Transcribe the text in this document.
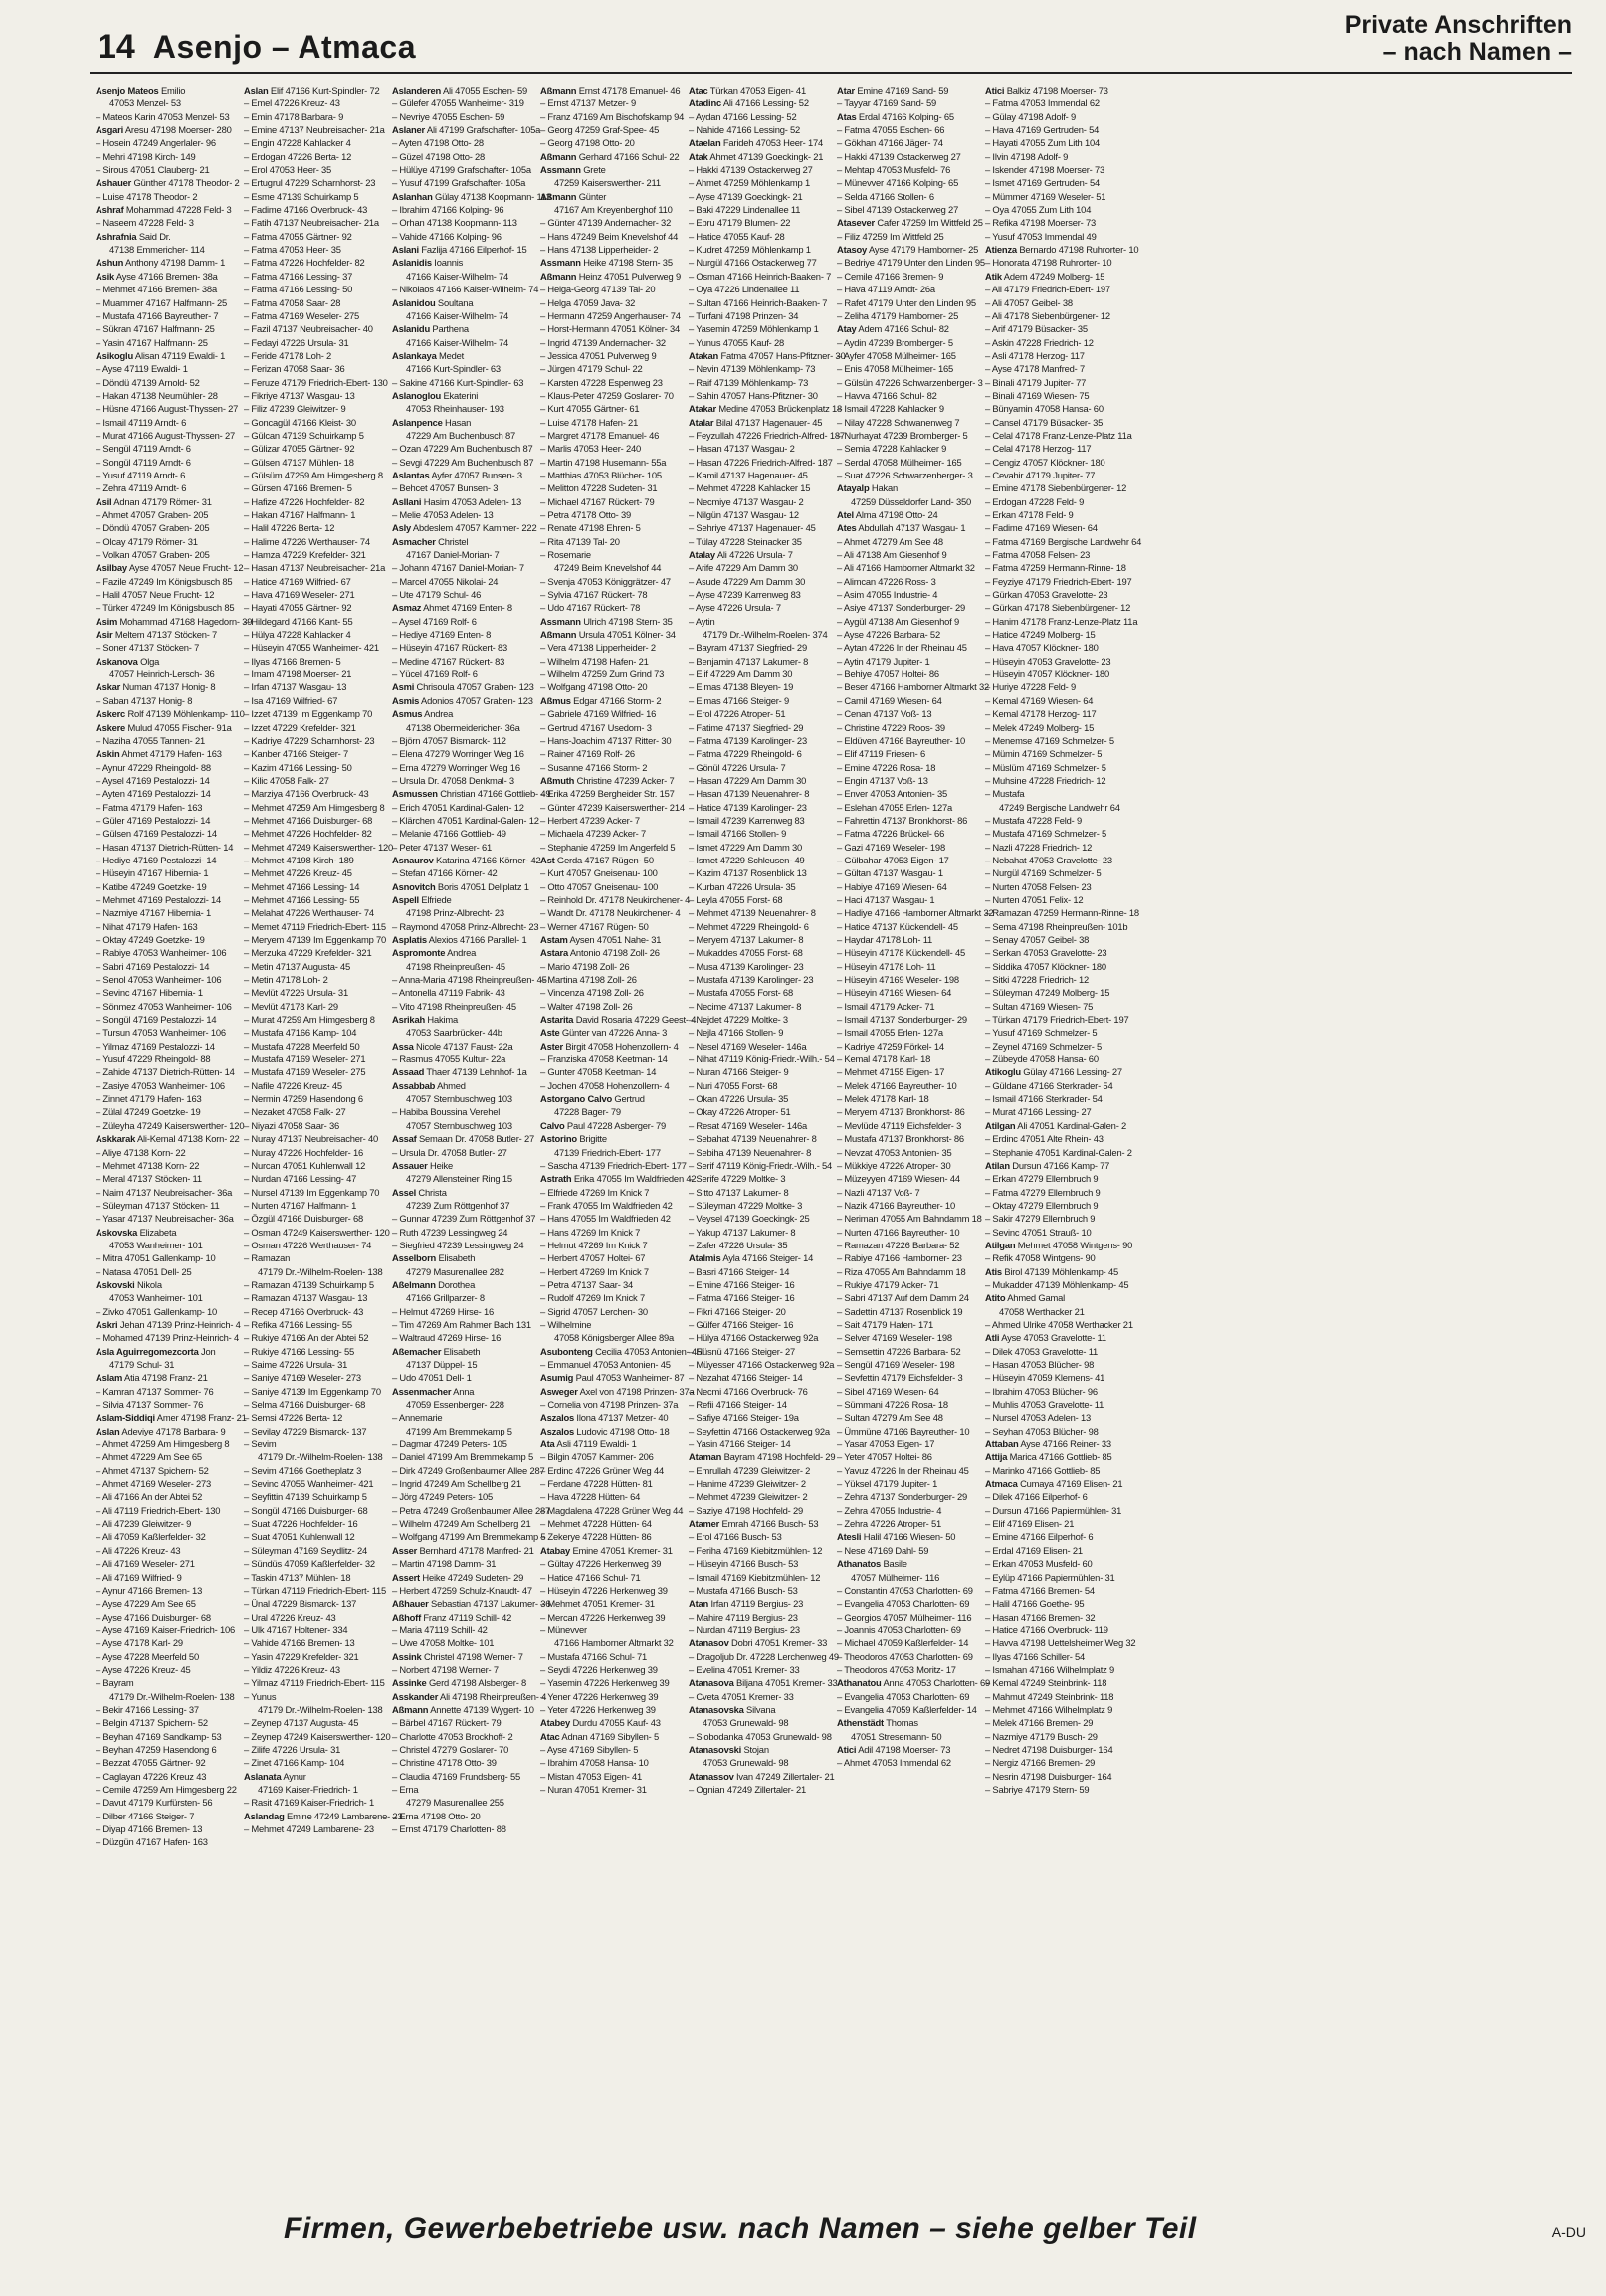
14 Asenjo – Atmaca
Private Anschriften
– nach Namen –
Asenjo Mateos Emilio
47053 Menzel- 53
– Mateos Karin 47053 Menzel- 53
Asgari Aresu 47198 Moerser- 280
– Hosein 47249 Angerlaler- 96
– Mehri 47198 Kirch- 149
– Sirous 47051 Clauberg- 21
Ashauer Günther 47178 Theodor- 2
– Luise 47178 Theodor- 2
Ashraf Mohammad 47228 Feld- 3
– Naseem 47228 Feld- 3
Ashrafnia Said Dr.
47138 Emmericher- 114
Ashun Anthony 47198 Damm- 1
Asik Ayse 47166 Bremen- 38a
– Mehmet 47166 Bremen- 38a
– Muammer 47167 Halfmann- 25
– Mustafa 47166 Bayreuther- 7
– Sükran 47167 Halfmann- 25
– Yasin 47167 Halfmann- 25
Asikoglu Alisan 47119 Ewaldi- 1
– Ayse 47119 Ewaldi- 1
– Döndü 47139 Arnold- 52
– Hakan 47138 Neumühler- 28
– Hüsne 47166 August-Thyssen- 27
– Ismail 47119 Arndt- 6
– Murat 47166 August-Thyssen- 27
– Sengül 47119 Arndt- 6
– Songül 47119 Arndt- 6
– Yusuf 47119 Arndt- 6
– Zehra 47119 Arndt- 6
Asil Adnan 47179 Römer- 31
– Ahmet 47057 Graben- 205
– Döndü 47057 Graben- 205
– Olcay 47179 Römer- 31
– Volkan 47057 Graben- 205
Asilbay Ayse 47057 Neue Frucht- 12
– Fazile 47249 Im Königsbusch 85
– Halil 47057 Neue Frucht- 12
– Türker 47249 Im Königsbusch 85
Asim Mohammad 47168 Hagedorn- 39
Asir Meltem 47137 Stöcken- 7
– Soner 47137 Stöcken- 7
Askanova Olga
47057 Heinrich-Lersch- 36
Askar Numan 47137 Honig- 8
– Saban 47137 Honig- 8
Askerc Rolf 47139 Möhlenkamp- 110
Askere Mulud 47055 Fischer- 91a
– Naziha 47055 Tannen- 21
Askin Ahmet 47179 Hafen- 163
– Aynur 47229 Rheingold- 88
– Aysel 47169 Pestalozzi- 14
– Ayten 47169 Pestalozzi- 14
– Fatma 47179 Hafen- 163
– Güler 47169 Pestalozzi- 14
– Gülsen 47169 Pestalozzi- 14
– Hasan 47137 Dietrich-Rütten- 14
– Hediye 47169 Pestalozzi- 14
– Hüseyin 47167 Hibernia- 1
– Katibe 47249 Goetzke- 19
– Mehmet 47169 Pestalozzi- 14
– Nazmiye 47167 Hibernia- 1
– Nihat 47179 Hafen- 163
– Oktay 47249 Goetzke- 19
– Rabiye 47053 Wanheimer- 106
– Sabri 47169 Pestalozzi- 14
– Senol 47053 Wanheimer- 106
– Sevinc 47167 Hibernia- 1
– Sönmez 47053 Wanheimer- 106
– Songül 47169 Pestalozzi- 14
– Tursun 47053 Wanheimer- 106
– Yilmaz 47169 Pestalozzi- 14
– Yusuf 47229 Rheingold- 88
– Zahide 47137 Dietrich-Rütten- 14
– Zasiye 47053 Wanheimer- 106
– Zinnet 47179 Hafen- 163
– Zülal 47249 Goetzke- 19
– Züleyha 47249 Kaiserswerther- 120
Askkarak Ali-Kemal 47138 Korn- 22
– Aliye 47138 Korn- 22
– Mehmet 47138 Korn- 22
– Meral 47137 Stöcken- 11
– Naim 47137 Neubreisacher- 36a
– Süleyman 47137 Stöcken- 11
– Yasar 47137 Neubreisacher- 36a
Askovska Elizabeta
47053 Wanheimer- 101
– Mitra 47051 Gallenkamp- 10
– Natasa 47051 Dell- 25
Askovski Nikola
47053 Wanheimer- 101
– Zivko 47051 Gallenkamp- 10
Askri Jehan 47139 Prinz-Heinrich- 4
– Mohamed 47139 Prinz-Heinrich- 4
Asla Aguirregomezcorta Jon
47179 Schul- 31
Aslam Atia 47198 Franz- 21
– Kamran 47137 Sommer- 76
– Silvia 47137 Sommer- 76
Aslam-Siddiqi Amer 47198 Franz- 21
Aslan Adeviye 47178 Barbara- 9
– Ahmet 47259 Am Himgesberg 8
– Ahmet 47229 Am See 65
– Ahmet 47137 Spichern- 52
– Ahmet 47169 Weseler- 273
– Ali 47166 An der Abtei 52
– Ali 47119 Friedrich-Ebert- 130
– Ali 47239 Gleiwitzer- 9
– Ali 47059 Kaßlerfelder- 32
– Ali 47226 Kreuz- 43
– Ali 47169 Weseler- 271
– Ali 47169 Wilfried- 9
– Aynur 47166 Bremen- 13
– Ayse 47229 Am See 65
– Ayse 47166 Duisburger- 68
– Ayse 47169 Kaiser-Friedrich- 106
– Ayse 47178 Karl- 29
– Ayse 47228 Meerfeld 50
– Ayse 47226 Kreuz- 45
– Bayram
47179 Dr.-Wilhelm-Roelen- 138
– Bekir 47166 Lessing- 37
– Belgin 47137 Spichern- 52
– Beyhan 47169 Sandkamp- 53
– Beyhan 47259 Hasendong 6
– Bezzat 47055 Gärtner- 92
– Caglayan 47226 Kreuz 43
– Cemile 47259 Am Himgesberg 22
– Davut 47179 Kurfürsten- 56
– Dilber 47166 Steiger- 7
– Diyap 47166 Bremen- 13
– Düzgün 47167 Hafen- 163
Aslan Elif 47166 Kurt-Spindler- 72
– Emel 47226 Kreuz- 43
– Emin 47178 Barbara- 9
– Emine 47137 Neubreisacher- 21a
– Engin 47228 Kahlacker 4
– Erdogan 47226 Berta- 12
– Erol 47053 Heer- 35
– Ertugrul 47229 Scharnhorst- 23
– Esme 47139 Schuirkamp 5
– Fadime 47166 Overbruck- 43
– Fatih 47137 Neubreisacher- 21a
– Fatma 47055 Gärtner- 92
– Fatma 47053 Heer- 35
– Fatma 47226 Hochfelder- 82
– Fatma 47166 Lessing- 37
– Fatma 47166 Lessing- 50
– Fatma 47058 Saar- 28
– Fatma 47169 Weseler- 275
– Fazil 47137 Neubreisacher- 40
– Fedayi 47226 Ursula- 31
– Feride 47178 Loh- 2
– Ferizan 47058 Saar- 36
– Feruze 47179 Friedrich-Ebert- 130
– Fikriye 47137 Wasgau- 13
– Filiz 47239 Gleiwitzer- 9
– Goncagül 47166 Kleist- 30
– Gülcan 47139 Schuirkamp 5
– Gülizar 47055 Gärtner- 92
– Gülsen 47137 Mühlen- 18
– Gülsüm 47259 Am Himgesberg 8
– Gürsen 47166 Bremen- 5
– Hafize 47226 Hochfelder- 82
– Hakan 47167 Halfmann- 1
– Halil 47226 Berta- 12
– Halime 47226 Werthauser- 74
– Hamza 47229 Krefelder- 321
– Hasan 47137 Neubreisacher- 21a
– Hatice 47169 Wilfried- 67
– Hava 47169 Weseler- 271
– Hayati 47055 Gärtner- 92
– Hildegard 47166 Kant- 55
– Hülya 47228 Kahlacker 4
– Hüseyin 47055 Wanheimer- 421
– Ilyas 47166 Bremen- 5
– Imam 47198 Moerser- 21
– Irfan 47137 Wasgau- 13
– Isa 47169 Wilfried- 67
– Izzet 47139 Im Eggenkamp 70
– Izzet 47229 Krefelder- 321
– Kadriye 47229 Scharnhorst- 23
– Kanber 47166 Steiger- 7
– Kazim 47166 Lessing- 50
– Kilic 47058 Falk- 27
– Marziya 47166 Overbruck- 43
– Mehmet 47259 Am Himgesberg 8
– Mehmet 47166 Duisburger- 68
– Mehmet 47226 Hochfelder- 82
– Mehmet 47249 Kaiserswerther- 120
– Mehmet 47198 Kirch- 189
– Mehmet 47226 Kreuz- 45
– Mehmet 47166 Lessing- 14
– Mehmet 47166 Lessing- 55
– Melahat 47226 Werthauser- 74
– Memet 47119 Friedrich-Ebert- 115
– Meryem 47139 Im Eggenkamp 70
– Merzuka 47229 Krefelder- 321
– Metin 47137 Augusta- 45
– Metin 47178 Loh- 2
– Mevlüt 47226 Ursula- 31
– Mevlüt 47178 Karl- 29
– Murat 47259 Am Himgesberg 8
– Mustafa 47166 Kamp- 104
– Mustafa 47228 Meerfeld 50
– Mustafa 47169 Weseler- 271
– Mustafa 47169 Weseler- 275
– Nafile 47226 Kreuz- 45
– Nermin 47259 Hasendong 6
– Nezaket 47058 Falk- 27
– Niyazi 47058 Saar- 36
– Nuray 47137 Neubreisacher- 40
– Nuray 47226 Hochfelder- 16
– Nurcan 47051 Kuhlenwall 12
– Nurdan 47166 Lessing- 47
– Nursel 47139 Im Eggenkamp 70
– Nurten 47167 Halfmann- 1
– Özgül 47166 Duisburger- 68
– Osman 47249 Kaiserswerther- 120
– Osman 47226 Werthauser- 74
– Ramazan
47179 Dr.-Wilhelm-Roelen- 138
– Ramazan 47139 Schuirkamp 5
– Ramazan 47137 Wasgau- 13
– Recep 47166 Overbruck- 43
– Refika 47166 Lessing- 55
– Rukiye 47166 An der Abtei 52
– Rukiye 47166 Lessing- 55
– Saime 47226 Ursula- 31
– Saniye 47169 Weseler- 273
– Saniye 47139 Im Eggenkamp 70
– Selma 47166 Duisburger- 68
– Semsi 47226 Berta- 12
– Sevilay 47229 Bismarck- 137
– Sevim
47179 Dr.-Wilhelm-Roelen- 138
– Sevim 47166 Goetheplatz 3
– Sevinc 47055 Wanheimer- 421
– Seyfittin 47139 Schuirkamp 5
– Songül 47166 Duisburger- 68
– Suat 47226 Hochfelder- 16
– Suat 47051 Kuhlenwall 12
– Süleyman 47169 Seydlitz- 24
– Sündüs 47059 Kaßlerfelder- 32
– Taskin 47137 Mühlen- 18
– Türkan 47119 Friedrich-Ebert- 115
– Ünal 47229 Bismarck- 137
– Ural 47226 Kreuz- 43
– Ülk 47167 Holtener- 334
– Vahide 47166 Bremen- 13
– Yasin 47229 Krefelder- 321
– Yildiz 47226 Kreuz- 43
– Yilmaz 47119 Friedrich-Ebert- 115
– Yunus
47179 Dr.-Wilhelm-Roelen- 138
– Zeynep 47137 Augusta- 45
– Zeynep 47249 Kaiserswerther- 120
– Zilife 47226 Ursula- 31
– Zinet 47166 Kamp- 104
Aslanata Aynur
47169 Kaiser-Friedrich- 1
– Rasit 47169 Kaiser-Friedrich- 1
Aslandag Emine 47249 Lambarene- 23
– Mehmet 47249 Lambarene- 23
Aslanderen Ali 47055 Eschen- 59
– Gülefer 47055 Wanheimer- 319
– Nevriye 47055 Eschen- 59
Aslaner Ali 47199 Grafschafter- 105a
– Ayten 47198 Otto- 28
– Güzel 47198 Otto- 28
– Hülüye 47199 Grafschafter- 105a
– Yusuf 47199 Grafschafter- 105a
Aslanhan Gülay 47138 Koopmann- 113
– Ibrahim 47166 Kolping- 96
– Orhan 47138 Koopmann- 113
– Vahide 47166 Kolping- 96
Aslani Fazlija 47166 Eilperhof- 15
Aslanidis Ioannis
47166 Kaiser-Wilhelm- 74
– Nikolaos 47166 Kaiser-Wilhelm- 74
Aslanidou Soultana
47166 Kaiser-Wilhelm- 74
Aslanidu Parthena
47166 Kaiser-Wilhelm- 74
Aslankaya Medet
47166 Kurt-Spindler- 63
– Sakine 47166 Kurt-Spindler- 63
Aslanoglou Ekaterini
47053 Rheinhauser- 193
Aslanpence Hasan
47229 Am Buchenbusch 87
– Ozan 47229 Am Buchenbusch 87
– Sevgi 47229 Am Buchenbusch 87
Aslantas Ayfer 47057 Bunsen- 3
– Behcet 47057 Bunsen- 3
Asllani Hasim 47053 Adelen- 13
– Melie 47053 Adelen- 13
Asly Abdeslem 47057 Kammer- 222
Asmacher Christel
47167 Daniel-Morian- 7
– Johann 47167 Daniel-Morian- 7
– Marcel 47055 Nikolai- 24
– Ute 47179 Schul- 46
Asmaz Ahmet 47169 Enten- 8
– Aysel 47169 Rolf- 6
– Hediye 47169 Enten- 8
– Hüseyin 47167 Rückert- 83
– Medine 47167 Rückert- 83
– Yücel 47169 Rolf- 6
Asmi Chrisoula 47057 Graben- 123
Asmis Adonios 47057 Graben- 123
Asmus Andrea
47138 Obermeidericher- 36a
– Björn 47057 Bismarck- 112
– Elena 47279 Worringer Weg 16
– Erna 47279 Worringer Weg 16
– Ursula Dr. 47058 Denkmal- 3
Asmussen Christian 47166 Gottlieb- 49
– Erich 47051 Kardinal-Galen- 12
– Klärchen 47051 Kardinal-Galen- 12
– Melanie 47166 Gottlieb- 49
– Peter 47137 Weser- 61
Asnaurov Katarina 47166 Körner- 42
– Stefan 47166 Körner- 42
Asnovitch Boris 47051 Dellplatz 1
Aspell Elfriede
47198 Prinz-Albrecht- 23
– Raymond 47058 Prinz-Albrecht- 23
Asplatis Alexios 47166 Parallel- 1
Aspromonte Andrea
47198 Rheinpreußen- 45
– Anna-Maria 47198 Rheinpreußen- 45
– Antonella 47119 Fabrik- 43
– Vito 47198 Rheinpreußen- 45
Asrikah Hakima
47053 Saarbrücker- 44b
Assa Nicole 47137 Faust- 22a
– Rasmus 47055 Kultur- 22a
Assaad Thaer 47139 Lehnhof- 1a
Assabbab Ahmed
47057 Sternbuschweg 103
– Habiba Boussina Verehel
47057 Sternbuschweg 103
Assaf Semaan Dr. 47058 Butler- 27
– Ursula Dr. 47058 Butler- 27
Assauer Heike
47279 Allensteiner Ring 15
Assel Christa
47239 Zum Röttgenhof 37
– Gunnar 47239 Zum Röttgenhof 37
– Ruth 47239 Lessingweg 24
– Siegfried 47239 Lessingweg 24
Asselborn Elisabeth
47279 Masurenallee 282
Aßelmann Dorothea
47166 Grillparzer- 8
– Helmut 47269 Hirse- 16
– Tim 47269 Am Rahmer Bach 131
– Waltraud 47269 Hirse- 16
Aßemacher Elisabeth
47137 Düppel- 15
– Udo 47051 Dell- 1
Assenmacher Anna
47059 Essenberger- 228
– Annemarie
47199 Am Bremmekamp 5
– Dagmar 47249 Peters- 105
– Daniel 47199 Am Bremmekamp 5
– Dirk 47249 Großenbaumer Allee 287
– Ingrid 47249 Am Schellberg 21
– Jörg 47249 Peters- 105
– Petra 47249 Großenbaumer Allee 287
– Wilhelm 47249 Am Schellberg 21
– Wolfgang 47199 Am Bremmekamp 5
Asser Bernhard 47178 Manfred- 21
– Martin 47198 Damm- 31
Assert Heike 47249 Sudeten- 29
– Herbert 47259 Schulz-Knaudt- 47
Aßhauer Sebastian 47137 Lakumer- 36
Aßhoff Franz 47119 Schill- 42
– Maria 47119 Schill- 42
– Uwe 47058 Moltke- 101
Assink Christel 47198 Werner- 7
– Norbert 47198 Werner- 7
Assinke Gerd 47198 Alsberger- 8
Asskander Ali 47198 Rheinpreußen- 4
Aßmann Annette 47139 Wygert- 10
– Bärbel 47167 Rückert- 79
– Charlotte 47053 Brockhoff- 2
– Christel 47279 Goslarer- 70
– Christine 47178 Otto- 39
– Claudia 47169 Frundsberg- 55
– Erna
47279 Masurenallee 255
– Erna 47198 Otto- 20
– Ernst 47179 Charlotten- 88
Aßmann Ernst 47178 Emanuel- 46
– Ernst 47137 Metzer- 9
– Franz 47169 Am Bischofskamp 94
– Georg 47259 Graf-Spee- 45
– Georg 47198 Otto- 20
Aßmann Gerhard 47166 Schul- 22
Assmann Grete
47259 Kaiserswerther- 211
Aßmann Günter
47167 Am Kreyenberghof 110
– Günter 47139 Andernacher- 32
– Hans 47249 Beim Knevelshof 44
– Hans 47138 Lipperheider- 2
Assmann Heike 47198 Stern- 35
Aßmann Heinz 47051 Pulverweg 9
– Helga-Georg 47139 Tal- 20
– Helga 47059 Java- 32
– Hermann 47259 Angerhauser- 74
– Horst-Hermann 47051 Kölner- 34
– Ingrid 47139 Andernacher- 32
– Jessica 47051 Pulverweg 9
– Jürgen 47179 Schul- 22
– Karsten 47228 Espenweg 23
– Klaus-Peter 47259 Goslarer- 70
– Kurt 47055 Gärtner- 61
– Luise 47178 Hafen- 21
– Margret 47178 Emanuel- 46
– Marlis 47053 Heer- 240
– Martin 47198 Husemann- 55a
– Matthias 47053 Blücher- 105
– Melitton 47228 Sudeten- 31
– Michael 47167 Rückert- 79
– Petra 47178 Otto- 39
– Renate 47198 Ehren- 5
– Rita 47139 Tal- 20
– Rosemarie
47249 Beim Knevelshof 44
– Svenja 47053 Königgrätzer- 47
– Sylvia 47167 Rückert- 78
– Udo 47167 Rückert- 78
Assmann Ulrich 47198 Stern- 35
Aßmann Ursula 47051 Kölner- 34
– Vera 47138 Lipperheider- 2
– Wilhelm 47198 Hafen- 21
– Wilhelm 47259 Zum Grind 73
– Wolfgang 47198 Otto- 20
Aßmus Edgar 47166 Storm- 2
– Gabriele 47169 Wilfried- 16
– Gertrud 47167 Usedom- 3
– Hans-Joachim 47137 Ritter- 30
– Rainer 47169 Rolf- 26
– Susanne 47166 Storm- 2
Aßmuth Christine 47239 Acker- 7
– Erika 47259 Bergheider Str. 157
– Günter 47239 Kaiserswerther- 214
– Herbert 47239 Acker- 7
– Michaela 47239 Acker- 7
– Stephanie 47259 Im Angerfeld 5
Ast Gerda 47167 Rügen- 50
– Kurt 47057 Gneisenau- 100
– Otto 47057 Gneisenau- 100
– Reinhold Dr. 47178 Neukirchener- 4
– Wandt Dr. 47178 Neukirchener- 4
– Werner 47167 Rügen- 50
Astam Aysen 47051 Nahe- 31
Astara Antonio 47198 Zoll- 26
– Mario 47198 Zoll- 26
– Martina 47198 Zoll- 26
– Vincenza 47198 Zoll- 26
– Walter 47198 Zoll- 26
Astarita David Rosaria 47229 Geest- 4
Aste Günter van 47226 Anna- 3
Aster Birgit 47058 Hohenzollern- 4
– Franziska 47058 Keetman- 14
– Gunter 47058 Keetman- 14
– Jochen 47058 Hohenzollern- 4
Astorgano Calvo Gertrud
47228 Bager- 79
Calvo Paul 47228 Asberger- 79
Astorino Brigitte
47139 Friedrich-Ebert- 177
– Sascha 47139 Friedrich-Ebert- 177
Astrath Erika 47055 Im Waldfrieden 42
– Elfriede 47269 Im Knick 7
– Frank 47055 Im Waldfrieden 42
– Hans 47055 Im Waldfrieden 42
– Hans 47269 Im Knick 7
– Helmut 47269 Im Knick 7
– Herbert 47057 Holtei- 67
– Herbert 47269 Im Knick 7
– Petra 47137 Saar- 34
– Rudolf 47269 Im Knick 7
– Sigrid 47057 Lerchen- 30
– Wilhelmine
47058 Königsberger Allee 89a
Asubonteng Cecilia 47053 Antonien- 45
– Emmanuel 47053 Antonien- 45
Asumig Paul 47053 Wanheimer- 87
Asweger Axel von 47198 Prinzen- 37a
– Cornelia von 47198 Prinzen- 37a
Aszalos Ilona 47137 Metzer- 40
Aszalos Ludovic 47198 Otto- 18
Ata Asli 47119 Ewaldi- 1
– Bilgin 47057 Kammer- 206
– Erdinc 47226 Grüner Weg 44
– Ferdane 47228 Hütten- 81
– Hava 47228 Hütten- 64
– Magdalena 47228 Grüner Weg 44
– Mehmet 47228 Hütten- 64
– Zekerye 47228 Hütten- 86
Atabay Emine 47051 Kremer- 31
– Gültay 47226 Herkenweg 39
– Hatice 47166 Schul- 71
– Hüseyin 47226 Herkenweg 39
– Mehmet 47051 Kremer- 31
– Mercan 47226 Herkenweg 39
– Münevver
47166 Hamborner Altmarkt 32
– Mustafa 47166 Schul- 71
– Seydi 47226 Herkenweg 39
– Yasemin 47226 Herkenweg 39
– Yener 47226 Herkenweg 39
– Yeter 47226 Herkenweg 39
Atabey Durdu 47055 Kauf- 43
Atac Adnan 47169 Sibyllen- 5
– Ayse 47169 Sibyllen- 5
– Ibrahim 47058 Hansa- 10
– Mistan 47053 Eigen- 41
– Nuran 47051 Kremer- 31
Atac Türkan 47053 Eigen- 41
Atadinc Ali 47166 Lessing- 52
– Aydan 47166 Lessing- 52
– Nahide 47166 Lessing- 52
Ataelan Farideh 47053 Heer- 174
Atak Ahmet 47139 Goeckingk- 21
– Hakki 47139 Ostackerweg 27
– Ahmet 47259 Möhlenkamp 1
– Ayse 47139 Goeckingk- 21
– Baki 47229 Lindenallee 11
– Ebru 47179 Blumen- 22
– Hatice 47055 Kauf- 28
– Kudret 47259 Möhlenkamp 1
– Nurgül 47166 Ostackerweg 77
– Osman 47166 Heinrich-Baaken- 7
– Oya 47226 Lindenallee 11
– Sultan 47166 Heinrich-Baaken- 7
– Turfani 47198 Prinzen- 34
– Yasemin 47259 Möhlenkamp 1
– Yunus 47055 Kauf- 28
Atakan Fatma 47057 Hans-Pfitzner- 30
– Nevin 47139 Möhlenkamp- 73
– Raif 47139 Möhlenkamp- 73
– Sahin 47057 Hans-Pfitzner- 30
Atakar Medine 47053 Brückenplatz 18
Atalar Bilal 47137 Hagenauer- 45
– Feyzullah 47226 Friedrich-Alfred- 187
– Hasan 47137 Wasgau- 2
– Hasan 47226 Friedrich-Alfred- 187
– Kamil 47137 Hagenauer- 45
– Mehmet 47228 Kahlacker 15
– Necmiye 47137 Wasgau- 2
– Nilgün 47137 Wasgau- 12
– Sehriye 47137 Hagenauer- 45
– Tülay 47228 Steinacker 35
Atalay Ali 47226 Ursula- 7
– Arife 47229 Am Damm 30
– Asude 47229 Am Damm 30
– Ayse 47239 Karrenweg 83
– Ayse 47226 Ursula- 7
– Aytin
47179 Dr.-Wilhelm-Roelen- 374
– Bayram 47137 Siegfried- 29
– Benjamin 47137 Lakumer- 8
– Elif 47229 Am Damm 30
– Elmas 47138 Bleyen- 19
– Elmas 47166 Steiger- 9
– Erol 47226 Atroper- 51
– Fatime 47137 Siegfried- 29
– Fatma 47139 Karolinger- 23
– Fatma 47229 Rheingold- 6
– Gönül 47226 Ursula- 7
– Hasan 47229 Am Damm 30
– Hasan 47139 Neuenahrer- 8
– Hatice 47139 Karolinger- 23
– Ismail 47239 Karrenweg 83
– Ismail 47166 Stollen- 9
– Ismet 47229 Am Damm 30
– Ismet 47229 Schleusen- 49
– Kazim 47137 Rosenblick 13
– Kurban 47226 Ursula- 35
– Leyla 47055 Forst- 68
– Mehmet 47139 Neuenahrer- 8
– Mehmet 47229 Rheingold- 6
– Meryem 47137 Lakumer- 8
– Mukaddes 47055 Forst- 68
– Musa 47139 Karolinger- 23
– Mustafa 47139 Karolinger- 23
– Mustafa 47055 Forst- 68
– Necime 47137 Lakumer- 8
– Nejdet 47229 Moltke- 3
– Nejla 47166 Stollen- 9
– Nesel 47169 Weseler- 146a
– Nihat 47119 König-Friedr.-Wilh.- 54
– Nuran 47166 Steiger- 9
– Nuri 47055 Forst- 68
– Okan 47226 Ursula- 35
– Okay 47226 Atroper- 51
– Resat 47169 Weseler- 146a
– Sebahat 47139 Neuenahrer- 8
– Sebiha 47139 Neuenahrer- 8
– Serif 47119 König-Friedr.-Wilh.- 54
– Serife 47229 Moltke- 3
– Sitto 47137 Lakumer- 8
– Süleyman 47229 Moltke- 3
– Veysel 47139 Goeckingk- 25
– Yakup 47137 Lakumer- 8
– Zafer 47226 Ursula- 35
Atalmis Ayla 47166 Steiger- 14
– Basri 47166 Steiger- 14
– Emine 47166 Steiger- 16
– Fatma 47166 Steiger- 16
– Fikri 47166 Steiger- 20
– Gülfer 47166 Steiger- 16
– Hülya 47166 Ostackerweg 92a
– Hüsnü 47166 Steiger- 27
– Müyesser 47166 Ostackerweg 92a
– Nezahat 47166 Steiger- 14
– Necmi 47166 Overbruck- 76
– Refii 47166 Steiger- 14
– Safiye 47166 Steiger- 19a
– Seyfettin 47166 Ostackerweg 92a
– Yasin 47166 Steiger- 14
Ataman Bayram 47198 Hochfeld- 29
– Emrullah 47239 Gleiwitzer- 2
– Hanime 47239 Gleiwitzer- 2
– Mehmet 47239 Gleiwitzer- 2
– Saziye 47198 Hochfeld- 29
Atamer Emrah 47166 Busch- 53
– Erol 47166 Busch- 53
– Feriha 47169 Kiebitzmühlen- 12
– Hüseyin 47166 Busch- 53
– Ismail 47169 Kiebitzmühlen- 12
– Mustafa 47166 Busch- 53
Atan Irfan 47119 Bergius- 23
– Mahire 47119 Bergius- 23
– Nurdan 47119 Bergius- 23
Atanasov Dobri 47051 Kremer- 33
– Dragoljub Dr. 47228 Lerchenweg 49
– Evelina 47051 Kremer- 33
Atanasova Biljana 47051 Kremer- 33
– Cveta 47051 Kremer- 33
Atanasovska Silvana
47053 Grunewald- 98
– Slobodanka 47053 Grunewald- 98
Atanasovski Stojan
47053 Grunewald- 98
Atanassov Ivan 47249 Zillertaler- 21
– Ognian 47249 Zillertaler- 21
Atar Emine 47169 Sand- 59
– Tayyar 47169 Sand- 59
Atas Erdal 47166 Kolping- 65
– Fatma 47055 Eschen- 66
– Gökhan 47166 Jäger- 74
– Hakki 47139 Ostackerweg 27
– Mehtap 47053 Musfeld- 76
– Münevver 47166 Kolping- 65
– Selda 47166 Stollen- 6
– Sibel 47139 Ostackerweg 27
Atasever Cafer 47259 Im Wittfeld 25
– Filiz 47259 Im Wittfeld 25
Atasoy Ayse 47179 Hamborner- 25
– Bedriye 47179 Unter den Linden 95
– Cemile 47166 Bremen- 9
– Hava 47119 Arndt- 26a
– Rafet 47179 Unter den Linden 95
– Zeliha 47179 Hamborner- 25
Atay Adem 47166 Schul- 82
– Aydin 47239 Bromberger- 5
– Ayfer 47058 Mülheimer- 165
– Enis 47058 Mülheimer- 165
– Gülsün 47226 Schwarzenberger- 3
– Havva 47166 Schul- 82
– Ismail 47228 Kahlacker 9
– Nilay 47228 Schwanenweg 7
– Nurhayat 47239 Bromberger- 5
– Semia 47228 Kahlacker 9
– Serdal 47058 Mülheimer- 165
– Suat 47226 Schwarzenberger- 3
Atayalp Hakan
47259 Düsseldorfer Land- 350
Atel Alma 47198 Otto- 24
Ates Abdullah 47137 Wasgau- 1
– Ahmet 47279 Am See 48
– Ali 47138 Am Giesenhof 9
– Ali 47166 Hamborner Altmarkt 32
– Alimcan 47226 Ross- 3
– Asim 47055 Industrie- 4
– Asiye 47137 Sonderburger- 29
– Aygül 47138 Am Giesenhof 9
– Ayse 47226 Barbara- 52
– Aytan 47226 In der Rheinau 45
– Aytin 47179 Jupiter- 1
– Behiye 47057 Holtei- 86
– Beser 47166 Hamborner Altmarkt 32
– Camil 47169 Wiesen- 64
– Cenan 47137 Voß- 13
– Christine 47229 Roos- 39
– Eldüven 47166 Bayreuther- 10
– Elif 47119 Friesen- 6
– Emine 47226 Rosa- 18
– Engin 47137 Voß- 13
– Enver 47053 Antonien- 35
– Eslehan 47055 Erlen- 127a
– Fahrettin 47137 Bronkhorst- 86
– Fatma 47226 Brückel- 66
– Gazi 47169 Weseler- 198
– Gülbahar 47053 Eigen- 17
– Gültan 47137 Wasgau- 1
– Habiye 47169 Wiesen- 64
– Haci 47137 Wasgau- 1
– Hadiye 47166 Hamborner Altmarkt 32
– Hatice 47137 Kückendell- 45
– Haydar 47178 Loh- 11
– Hüseyin 47178 Kückendell- 45
– Hüseyin 47178 Loh- 11
– Hüseyin 47169 Weseler- 198
– Hüseyin 47169 Wiesen- 64
– Ismail 47179 Acker- 71
– Ismail 47137 Sonderburger- 29
– Ismail 47055 Erlen- 127a
– Kadriye 47259 Förkel- 14
– Kemal 47178 Karl- 18
– Mehmet 47155 Eigen- 17
– Melek 47166 Bayreuther- 10
– Melek 47178 Karl- 18
– Meryem 47137 Bronkhorst- 86
– Mevlüde 47119 Eichsfelder- 3
– Mustafa 47137 Bronkhorst- 86
– Nevzat 47053 Antonien- 35
– Mükkiye 47226 Atroper- 30
– Müzeyyen 47169 Wiesen- 44
– Nazli 47137 Voß- 7
– Nazik 47166 Bayreuther- 10
– Neriman 47055 Am Bahndamm 18
– Nurten 47166 Bayreuther- 10
– Ramazan 47226 Barbara- 52
– Rabiye 47166 Hamborner- 23
– Riza 47055 Am Bahndamm 18
– Rukiye 47179 Acker- 71
– Sabri 47137 Auf dem Damm 24
– Sadettin 47137 Rosenblick 19
– Sait 47179 Hafen- 171
– Selver 47169 Weseler- 198
– Semsettin 47226 Barbara- 52
– Sengül 47169 Weseler- 198
– Sevfettin 47179 Eichsfelder- 3
– Sibel 47169 Wiesen- 64
– Sümmani 47226 Rosa- 18
– Sultan 47279 Am See 48
– Ümmüne 47166 Bayreuther- 10
– Yasar 47053 Eigen- 17
– Yeter 47057 Holtei- 86
– Yavuz 47226 In der Rheinau 45
– Yüksel 47179 Jupiter- 1
– Zehra 47137 Sonderburger- 29
– Zehra 47055 Industrie- 4
– Zehra 47226 Atroper- 51
Atesli Halil 47166 Wiesen- 50
– Nese 47169 Dahl- 59
Athanatos Basile
47057 Mülheimer- 116
– Constantin 47053 Charlotten- 69
– Evangelia 47053 Charlotten- 69
– Georgios 47057 Mülheimer- 116
– Joannis 47053 Charlotten- 69
– Michael 47059 Kaßlerfelder- 14
– Theodoros 47053 Charlotten- 69
– Theodoros 47053 Moritz- 17
Athanatou Anna 47053 Charlotten- 69
– Evangelia 47053 Charlotten- 69
– Evangelia 47059 Kaßlerfelder- 14
Athenstädt Thomas
47051 Stresemann- 50
Atici Adil 47198 Moerser- 73
– Ahmet 47053 Immendal 62
Atici Balkiz 47198 Moerser- 73
– Fatma 47053 Immendal 62
– Gülay 47198 Adolf- 9
– Hava 47169 Gertruden- 54
– Hayati 47055 Zum Lith 104
– Ilvin 47198 Adolf- 9
– Iskender 47198 Moerser- 73
– Ismet 47169 Gertruden- 54
– Mümmer 47169 Weseler- 51
– Oya 47055 Zum Lith 104
– Refika 47198 Moerser- 73
– Yusuf 47053 Immendal 49
Atienza Bernardo 47198 Ruhrorter- 10
– Honorata 47198 Ruhrorter- 10
Atik Adem 47249 Molberg- 15
– Ali 47179 Friedrich-Ebert- 197
– Ali 47057 Geibel- 38
– Ali 47178 Siebenbürgener- 12
– Arif 47179 Büsacker- 35
– Askin 47228 Friedrich- 12
– Asli 47178 Herzog- 117
– Ayse 47178 Manfred- 7
– Binali 47179 Jupiter- 77
– Binali 47169 Wiesen- 75
– Bünyamin 47058 Hansa- 60
– Cansel 47179 Büsacker- 35
– Celal 47178 Franz-Lenze-Platz 11a
– Celal 47178 Herzog- 117
– Cengiz 47057 Klöckner- 180
– Cevahir 47179 Jupiter- 77
– Emine 47178 Siebenbürgener- 12
– Erdogan 47228 Feld- 9
– Erkan 47178 Feld- 9
– Fadime 47169 Wiesen- 64
– Fatma 47169 Bergische Landwehr 64
– Fatma 47058 Felsen- 23
– Fatma 47259 Hermann-Rinne- 18
– Feyziye 47179 Friedrich-Ebert- 197
– Gürkan 47053 Gravelotte- 23
– Gürkan 47178 Siebenbürgener- 12
– Hanim 47178 Franz-Lenze-Platz 11a
– Hatice 47249 Molberg- 15
– Hava 47057 Klöckner- 180
– Hüseyin 47053 Gravelotte- 23
– Hüseyin 47057 Klöckner- 180
– Huriye 47228 Feld- 9
– Kemal 47169 Wiesen- 64
– Kemal 47178 Herzog- 117
– Melek 47249 Molberg- 15
– Menemse 47169 Schmelzer- 5
– Mümin 47169 Schmelzer- 5
– Müslüm 47169 Schmelzer- 5
– Muhsine 47228 Friedrich- 12
– Mustafa
47249 Bergische Landwehr 64
– Mustafa 47228 Feld- 9
– Mustafa 47169 Schmelzer- 5
– Nazli 47228 Friedrich- 12
– Nebahat 47053 Gravelotte- 23
– Nurgül 47169 Schmelzer- 5
– Nurten 47058 Felsen- 23
– Nurten 47051 Felix- 12
– Ramazan 47259 Hermann-Rinne- 18
– Sema 47198 Rheinpreußen- 101b
– Senay 47057 Geibel- 38
– Serkan 47053 Gravelotte- 23
– Siddika 47057 Klöckner- 180
– Sitki 47228 Friedrich- 12
– Süleyman 47249 Molberg- 15
– Sultan 47169 Wiesen- 75
– Türkan 47179 Friedrich-Ebert- 197
– Yusuf 47169 Schmelzer- 5
– Zeynel 47169 Schmelzer- 5
– Zübeyde 47058 Hansa- 60
Atikoglu Gülay 47166 Lessing- 27
– Güldane 47166 Sterkrader- 54
– Ismail 47166 Sterkrader- 54
– Murat 47166 Lessing- 27
Atilgan Ali 47051 Kardinal-Galen- 2
– Erdinc 47051 Alte Rhein- 43
– Stephanie 47051 Kardinal-Galen- 2
Atilan Dursun 47166 Kamp- 77
– Erkan 47279 Ellernbruch 9
– Fatma 47279 Ellernbruch 9
– Oktay 47279 Ellernbruch 9
– Sakir 47279 Ellernbruch 9
– Sevinc 47051 Strauß- 10
Atilgan Mehmet 47058 Wintgens- 90
– Refik 47058 Wintgens- 90
Atis Birol 47139 Möhlenkamp- 45
– Mukadder 47139 Möhlenkamp- 45
Atito Ahmed Gamal
47058 Werthacker 21
– Ahmed Ulrike 47058 Werthacker 21
Atli Ayse 47053 Gravelotte- 11
– Dilek 47053 Gravelotte- 11
– Hasan 47053 Blücher- 98
– Hüseyin 47059 Klemens- 41
– Ibrahim 47053 Blücher- 96
– Muhlis 47053 Gravelotte- 11
– Nursel 47053 Adelen- 13
– Seyhan 47053 Blücher- 98
Attaban Ayse 47166 Reiner- 33
Attija Marica 47166 Gottlieb- 85
– Marinko 47166 Gottlieb- 85
Atmaca Cumaya 47169 Elisen- 21
– Dilek 47166 Eilperhof- 6
– Dursun 47166 Papiermühlen- 31
– Elif 47169 Elisen- 21
– Emine 47166 Eilperhof- 6
– Erdal 47169 Elisen- 21
– Erkan 47053 Musfeld- 60
– Eylüp 47166 Papiermühlen- 31
– Fatma 47166 Bremen- 54
– Halil 47166 Goethe- 95
– Hasan 47166 Bremen- 32
– Hatice 47166 Overbruck- 119
– Havva 47198 Uettelsheimer Weg 32
– Ilyas 47166 Schiller- 54
– Ismahan 47166 Wilhelmplatz 9
– Kemal 47249 Steinbrink- 118
– Mahmut 47249 Steinbrink- 118
– Mehmet 47166 Wilhelmplatz 9
– Melek 47166 Bremen- 29
– Nazmiye 47179 Busch- 29
– Nedret 47198 Duisburger- 164
– Nergiz 47166 Bremen- 29
– Nesrin 47198 Duisburger- 164
– Sabriye 47179 Stern- 59
Firmen, Gewerbebetriebe usw. nach Namen – siehe gelber Teil	A-DU
